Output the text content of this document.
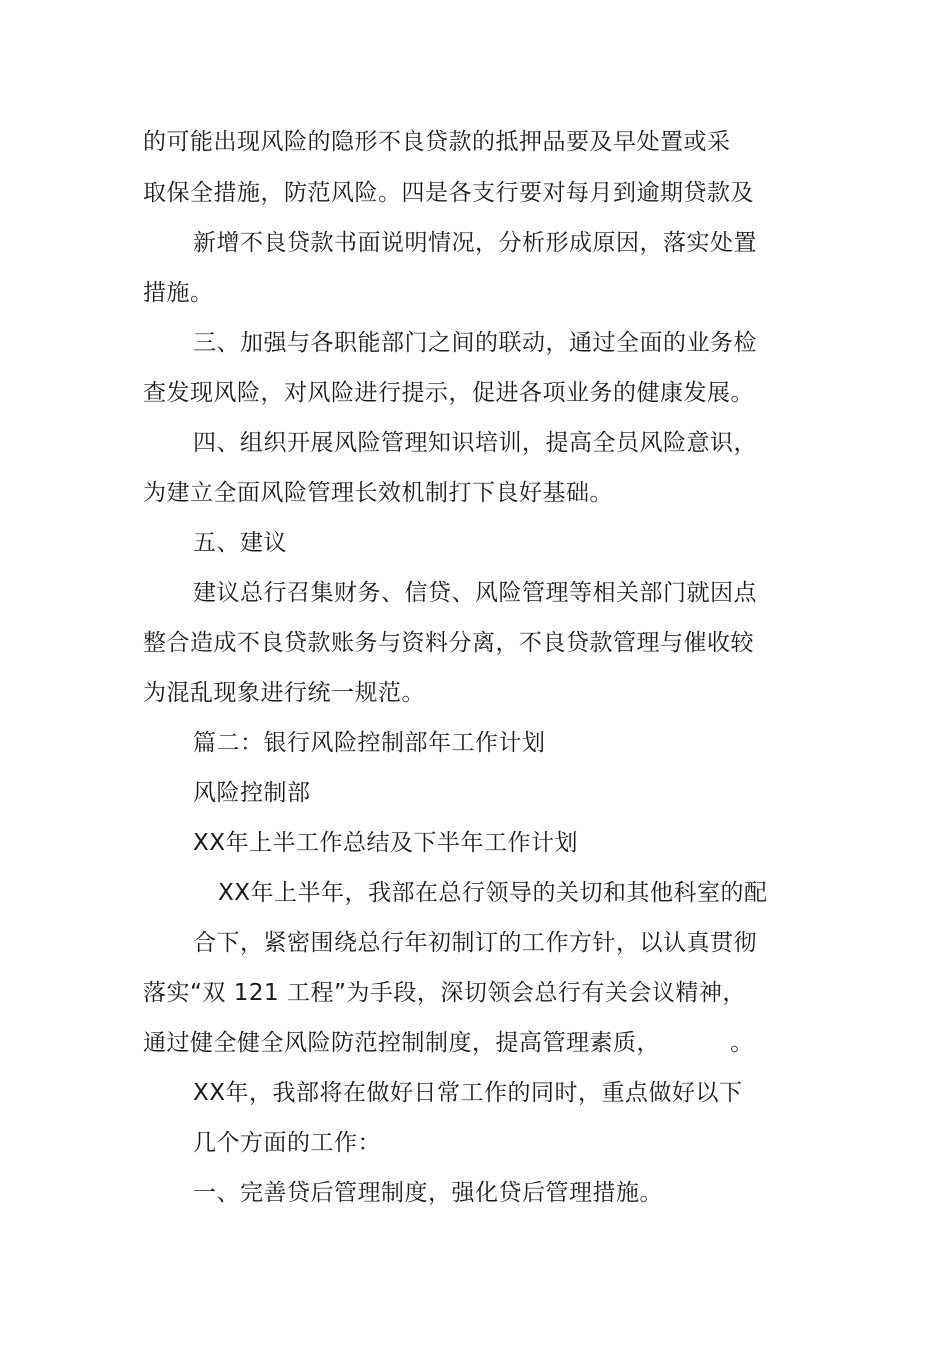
的可能出现风险的隐形不良贷款的抵押品要及早处置或采
取保全措施，防范风险。四是各支行要对每月到逾期贷款及
新增不良贷款书面说明情况，分析形成原因，落实处置
措施。
三、加强与各职能部门之间的联动，通过全面的业务检
查发现风险，对风险进行提示，促进各项业务的健康发展。
四、组织开展风险管理知识培训，提高全员风险意识，
为建立全面风险管理长效机制打下良好基础。
五、建议
建议总行召集财务、信贷、风险管理等相关部门就因点
整合造成不良贷款账务与资料分离，不良贷款管理与催收较
为混乱现象进行统一规范。
篇二：银行风险控制部年工作计划
风险控制部
XX年上半工作总结及下半年工作计划
XX年上半年，我部在总行领导的关切和其他科室的配
合下，紧密围绕总行年初制订的工作方针，以认真贯彻
落实“双 121 工程”为手段，深切领会总行有关会议精神，
通过健全健全风险防范控制制度，提高管理素质，         。
XX年，我部将在做好日常工作的同时，重点做好以下
几个方面的工作：
一、完善贷后管理制度，强化贷后管理措施。
